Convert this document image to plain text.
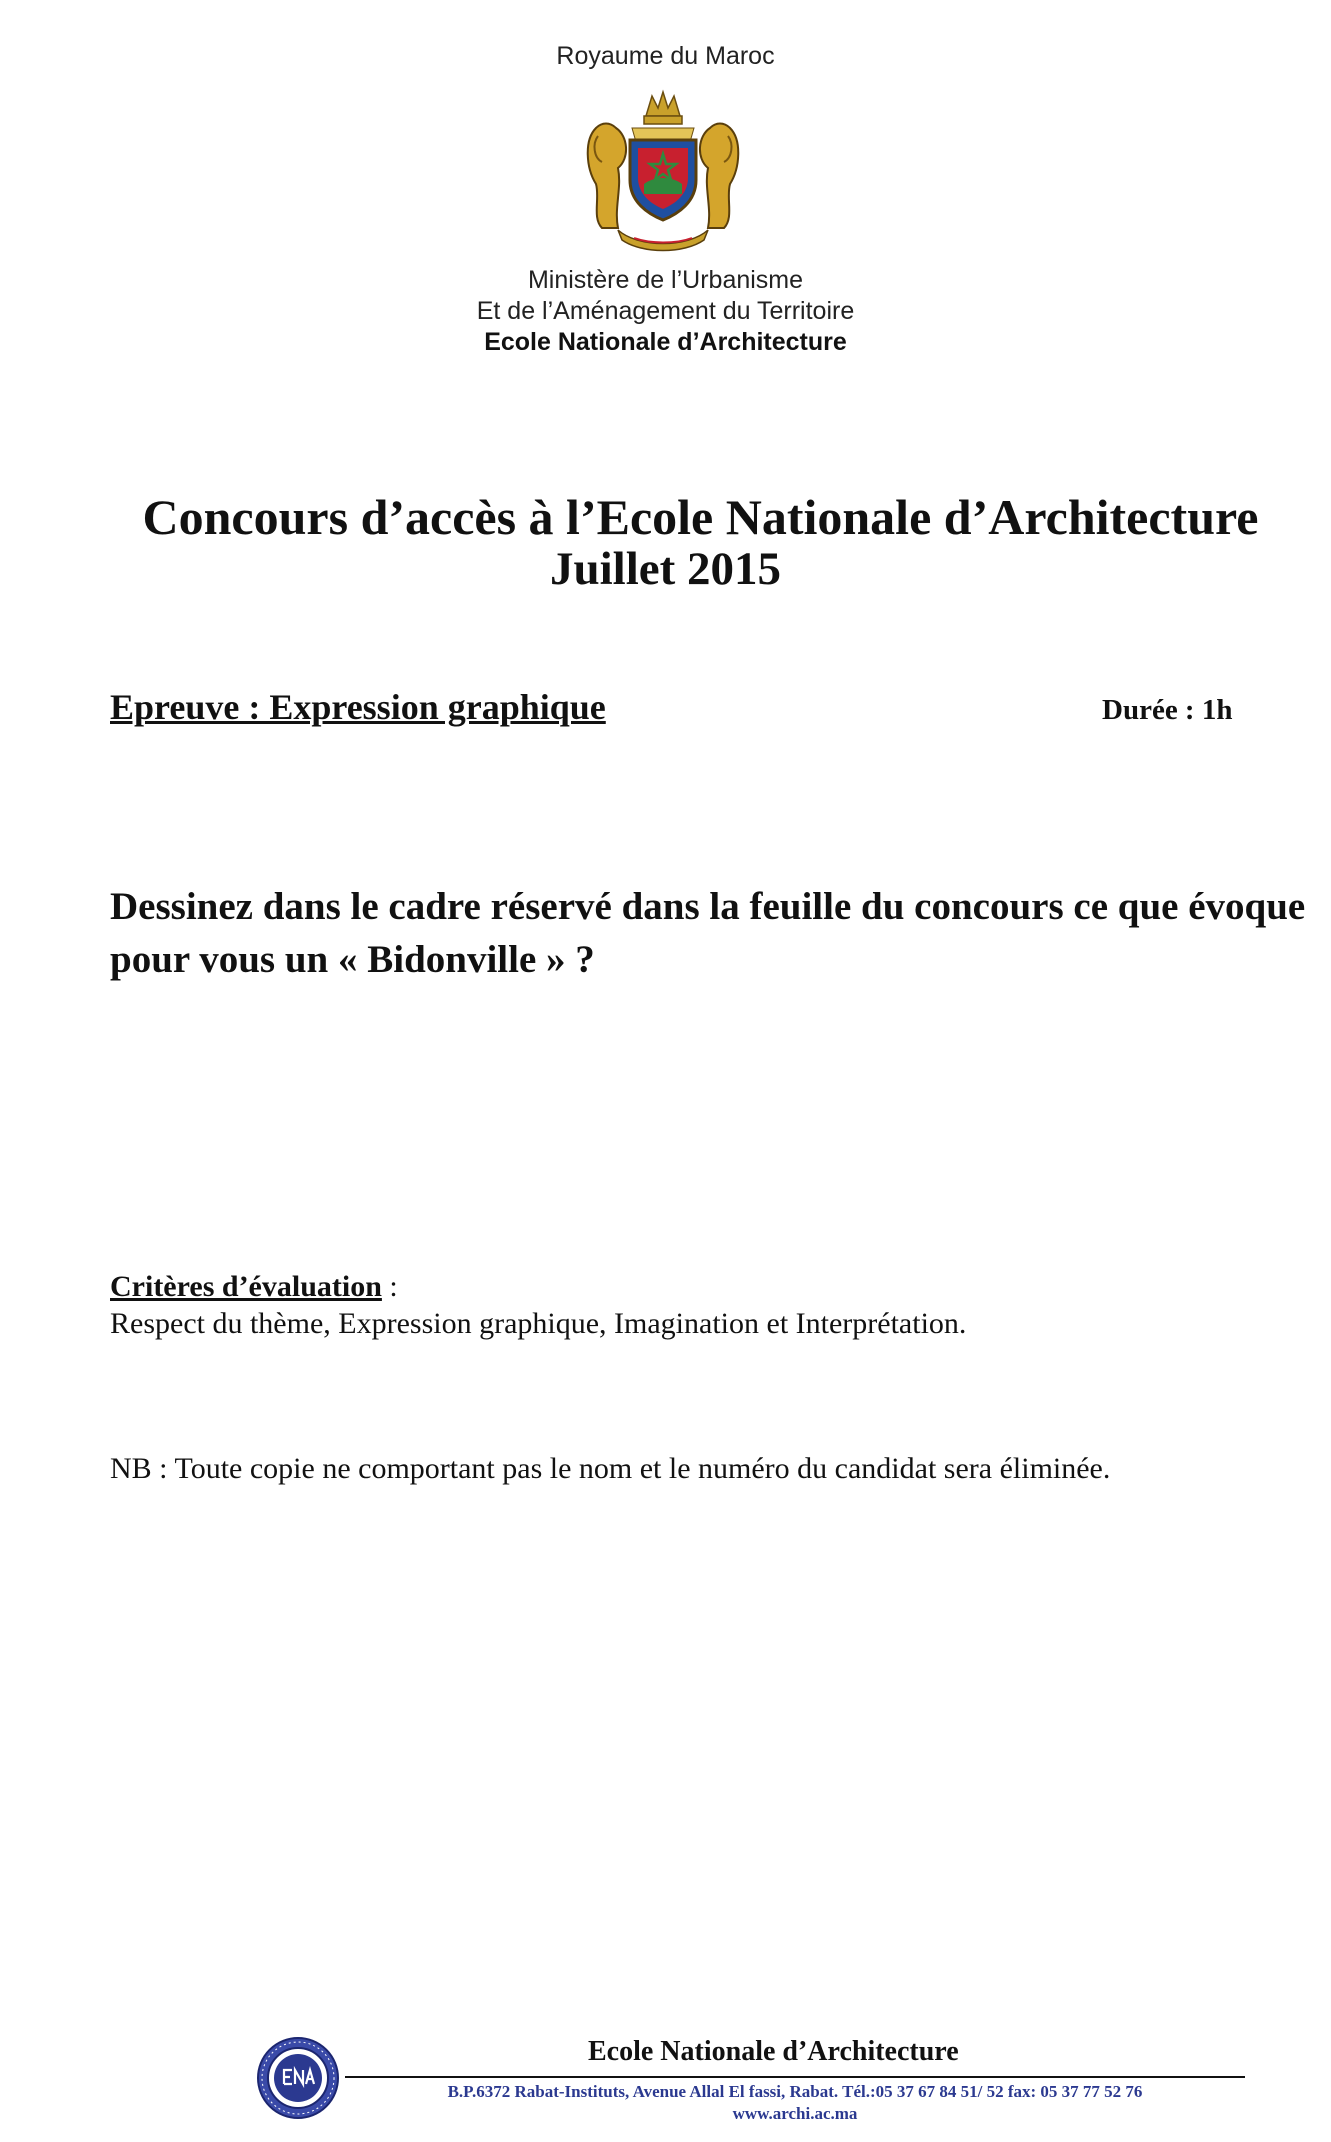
Royaume du Maroc
Ministère de l’Urbanisme
Et de l’Aménagement du Territoire
Ecole Nationale d’Architecture
Concours d’accès à l’Ecole Nationale d’Architecture
Juillet 2015
Epreuve : Expression graphique	Durée : 1h
Dessinez dans le cadre réservé dans la feuille du concours ce que évoque pour vous un « Bidonville » ?
Critères d’évaluation :
Respect du thème, Expression graphique, Imagination et Interprétation.
NB : Toute copie ne comportant pas le nom et le numéro du candidat sera éliminée.
Ecole Nationale d’Architecture
B.P.6372 Rabat-Instituts, Avenue Allal El fassi, Rabat. Tél.:05 37 67 84 51/ 52 fax: 05 37 77 52 76
www.archi.ac.ma
